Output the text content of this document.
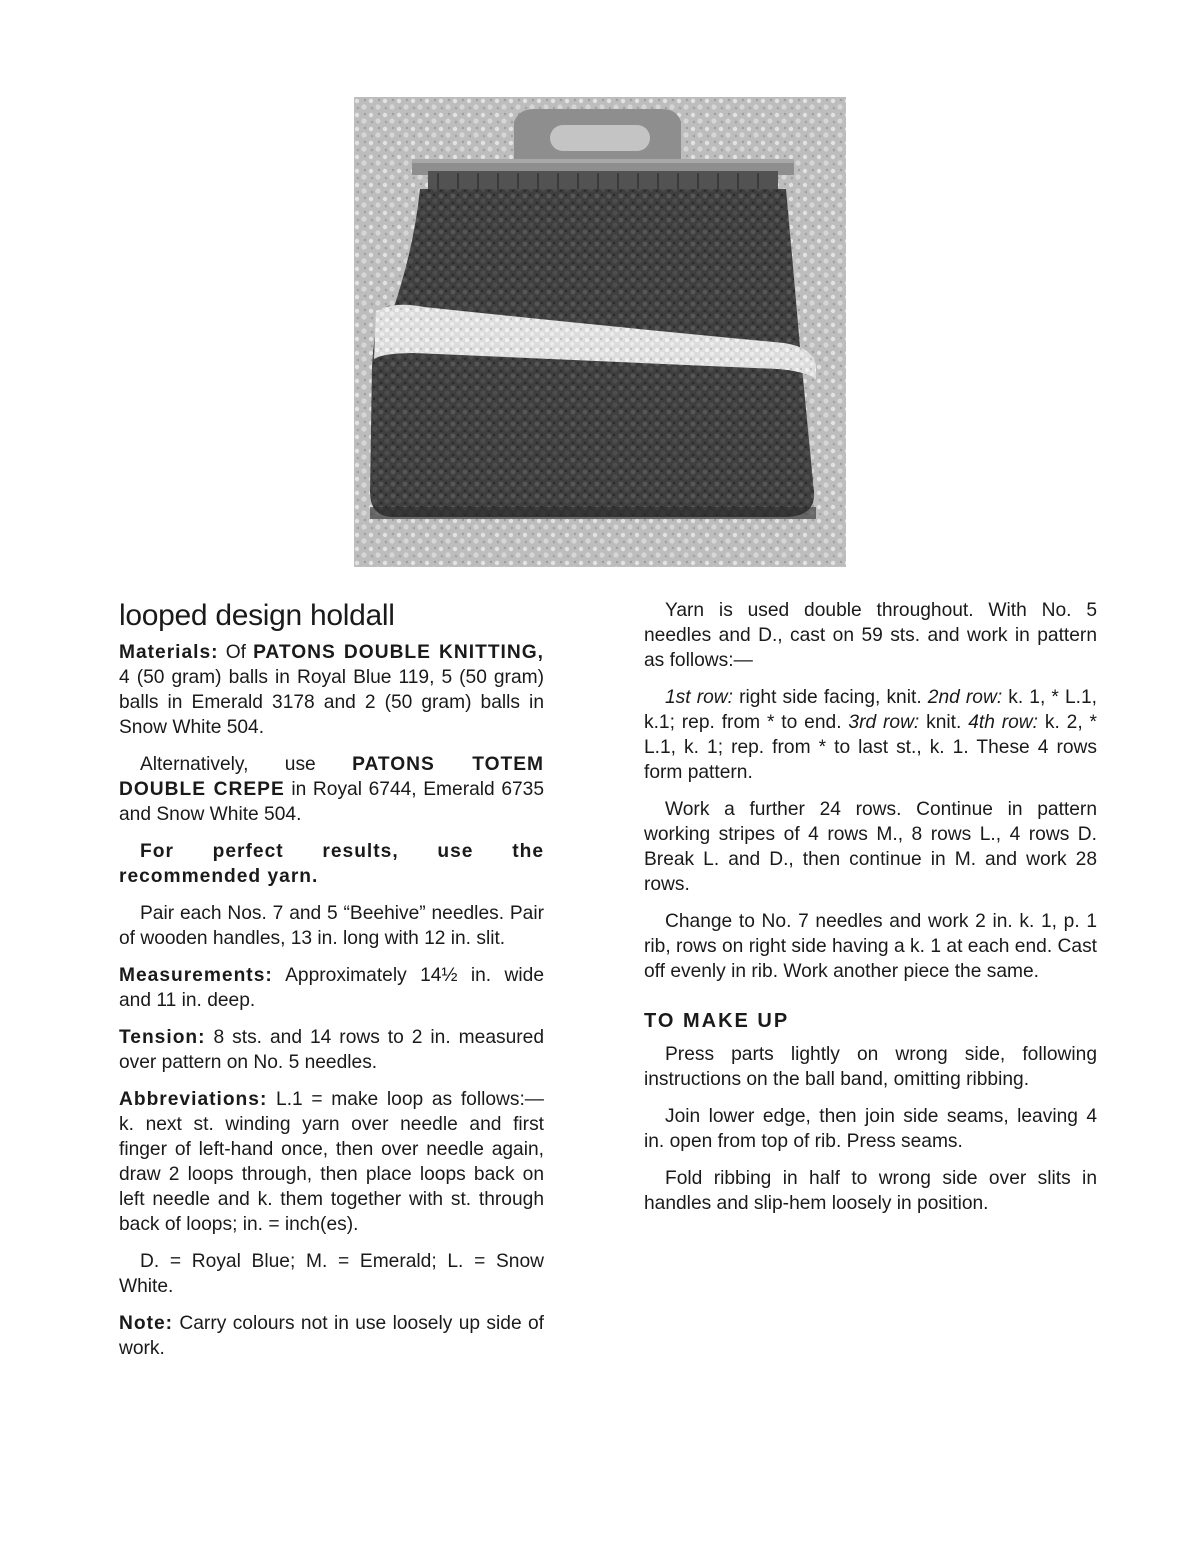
looped design holdall

Materials: Of PATONS DOUBLE KNITTING, 4 (50 gram) balls in Royal Blue 119, 5 (50 gram) balls in Emerald 3178 and 2 (50 gram) balls in Snow White 504.

Alternatively, use PATONS TOTEM DOUBLE CREPE in Royal 6744, Emerald 6735 and Snow White 504.

For perfect results, use the recommended yarn.

Pair each Nos. 7 and 5 “Beehive” needles. Pair of wooden handles, 13 in. long with 12 in. slit.

Measurements: Approximately 14½ in. wide and 11 in. deep.

Tension: 8 sts. and 14 rows to 2 in. measured over pattern on No. 5 needles.

Abbreviations: L.1 = make loop as follows:— k. next st. winding yarn over needle and first finger of left-hand once, then over needle again, draw 2 loops through, then place loops back on left needle and k. them together with st. through back of loops; in. = inch(es).

D. = Royal Blue; M. = Emerald; L. = Snow White.

Note: Carry colours not in use loosely up side of work.

Yarn is used double throughout. With No. 5 needles and D., cast on 59 sts. and work in pattern as follows:—

1st row: right side facing, knit. 2nd row: k. 1, * L.1, k.1; rep. from * to end. 3rd row: knit. 4th row: k. 2, * L.1, k. 1; rep. from * to last st., k. 1. These 4 rows form pattern.

Work a further 24 rows. Continue in pattern working stripes of 4 rows M., 8 rows L., 4 rows D. Break L. and D., then continue in M. and work 28 rows.

Change to No. 7 needles and work 2 in. k. 1, p. 1 rib, rows on right side having a k. 1 at each end. Cast off evenly in rib. Work another piece the same.

TO MAKE UP

Press parts lightly on wrong side, following instructions on the ball band, omitting ribbing.

Join lower edge, then join side seams, leaving 4 in. open from top of rib. Press seams.

Fold ribbing in half to wrong side over slits in handles and slip-hem loosely in position.
